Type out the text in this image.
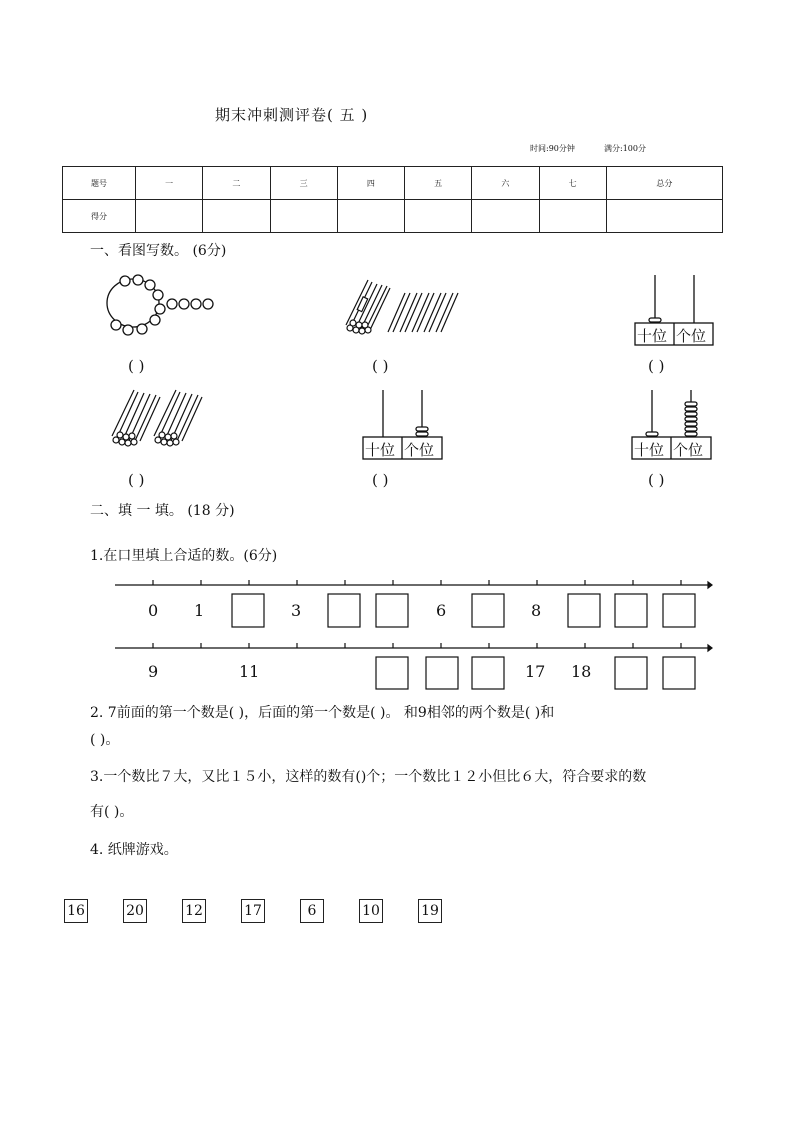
期末冲刺测评卷( 五 )
时间:90分钟	满分:100分
题号	一	二	三	四	五	六	七	总分
得分								
一、看图写数。 (6分)
十位 个位
十位 个位	十位 个位
( )	( )	( )
( )	( )	( )
二、填 一 填。 (18 分)
1.在口里填上合适的数。(6分)
0 1	3	6	8
9	11	17 18
2. 7前面的第一个数是( )，后面的第一个数是( )。 和9相邻的两个数是( )和
( )。
3.一个数比７大，又比１５小，这样的数有()个；一个数比１２小但比６大，符合要求的数
有( )。
4. 纸牌游戏。
16	20	12	17	6	10	19
